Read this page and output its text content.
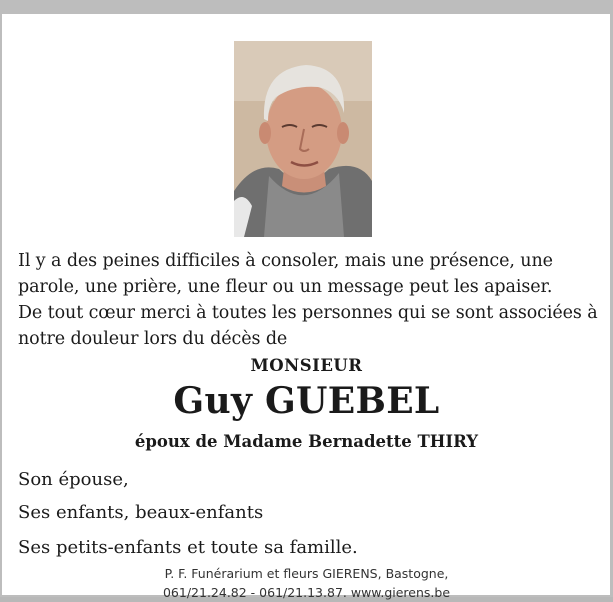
Il y a des peines difficiles à consoler, mais une présence, une parole, une prière, une fleur ou un message peut les apaiser.
De tout cœur merci à toutes les personnes qui se sont associées à notre douleur lors du décès de
MONSIEUR
Guy GUEBEL
époux de Madame Bernadette THIRY
Son épouse,
Ses enfants, beaux-enfants
Ses petits-enfants et toute sa famille.
P. F. Funérarium et fleurs GIERENS, Bastogne,
061/21.24.82 - 061/21.13.87. www.gierens.be
